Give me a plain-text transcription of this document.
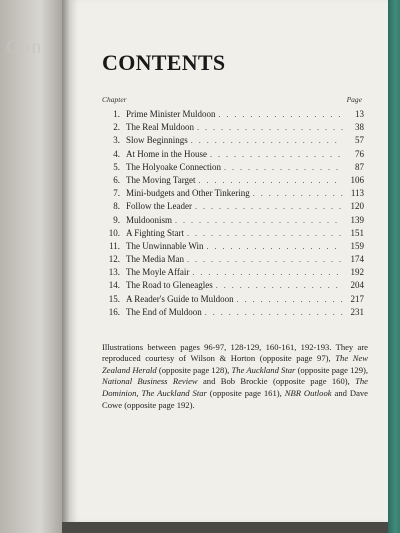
Con
CONTENTS
Chapter	Page
1. Prime Minister Muldoon . . .	13
2. The Real Muldoon . . .	38
3. Slow Beginnings . . .	57
4. At Home in the House . . .	76
5. The Holyoake Connection . . .	87
6. The Moving Target . . .	106
7. Mini-budgets and Other Tinkering . . .	113
8. Follow the Leader . . .	120
9. Muldoonism . . .	139
10. A Fighting Start . . .	151
11. The Unwinnable Win . . .	159
12. The Media Man . . .	174
13. The Moyle Affair . . .	192
14. The Road to Gleneagles . . .	204
15. A Reader's Guide to Muldoon . . .	217
16. The End of Muldoon . . .	231

Illustrations between pages 96-97, 128-129, 160-161, 192-193. They are reproduced courtesy of Wilson & Horton (opposite page 97), The New Zealand Herald (opposite page 128), The Auckland Star (opposite page 129), National Business Review and Bob Brockie (opposite page 160), The Dominion, The Auckland Star (opposite page 161), NBR Outlook and Dave Cowe (opposite page 192).
